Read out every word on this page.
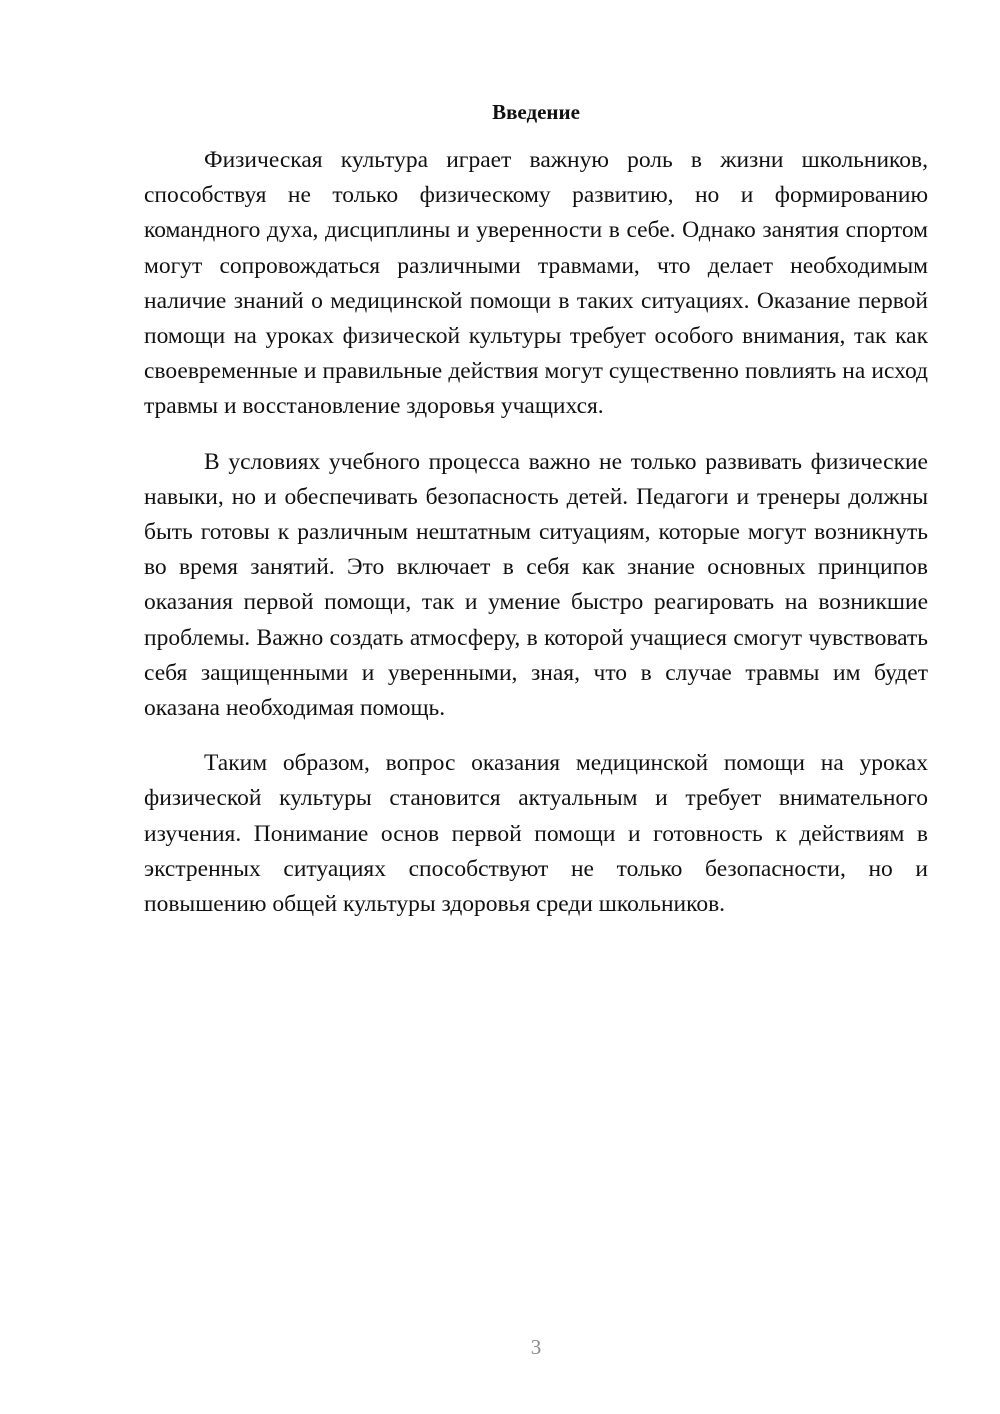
Введение

Физическая культура играет важную роль в жизни школьников, способствуя не только физическому развитию, но и формированию командного духа, дисциплины и уверенности в себе. Однако занятия спортом могут сопровождаться различными травмами, что делает необходимым наличие знаний о медицинской помощи в таких ситуациях. Оказание первой помощи на уроках физической культуры требует особого внимания, так как своевременные и правильные действия могут существенно повлиять на исход травмы и восстановление здоровья учащихся.

В условиях учебного процесса важно не только развивать физические навыки, но и обеспечивать безопасность детей. Педагоги и тренеры должны быть готовы к различным нештатным ситуациям, которые могут возникнуть во время занятий. Это включает в себя как знание основных принципов оказания первой помощи, так и умение быстро реагировать на возникшие проблемы. Важно создать атмосферу, в которой учащиеся смогут чувствовать себя защищенными и уверенными, зная, что в случае травмы им будет оказана необходимая помощь.

Таким образом, вопрос оказания медицинской помощи на уроках физической культуры становится актуальным и требует внимательного изучения. Понимание основ первой помощи и готовность к действиям в экстренных ситуациях способствуют не только безопасности, но и повышению общей культуры здоровья среди школьников.

3
